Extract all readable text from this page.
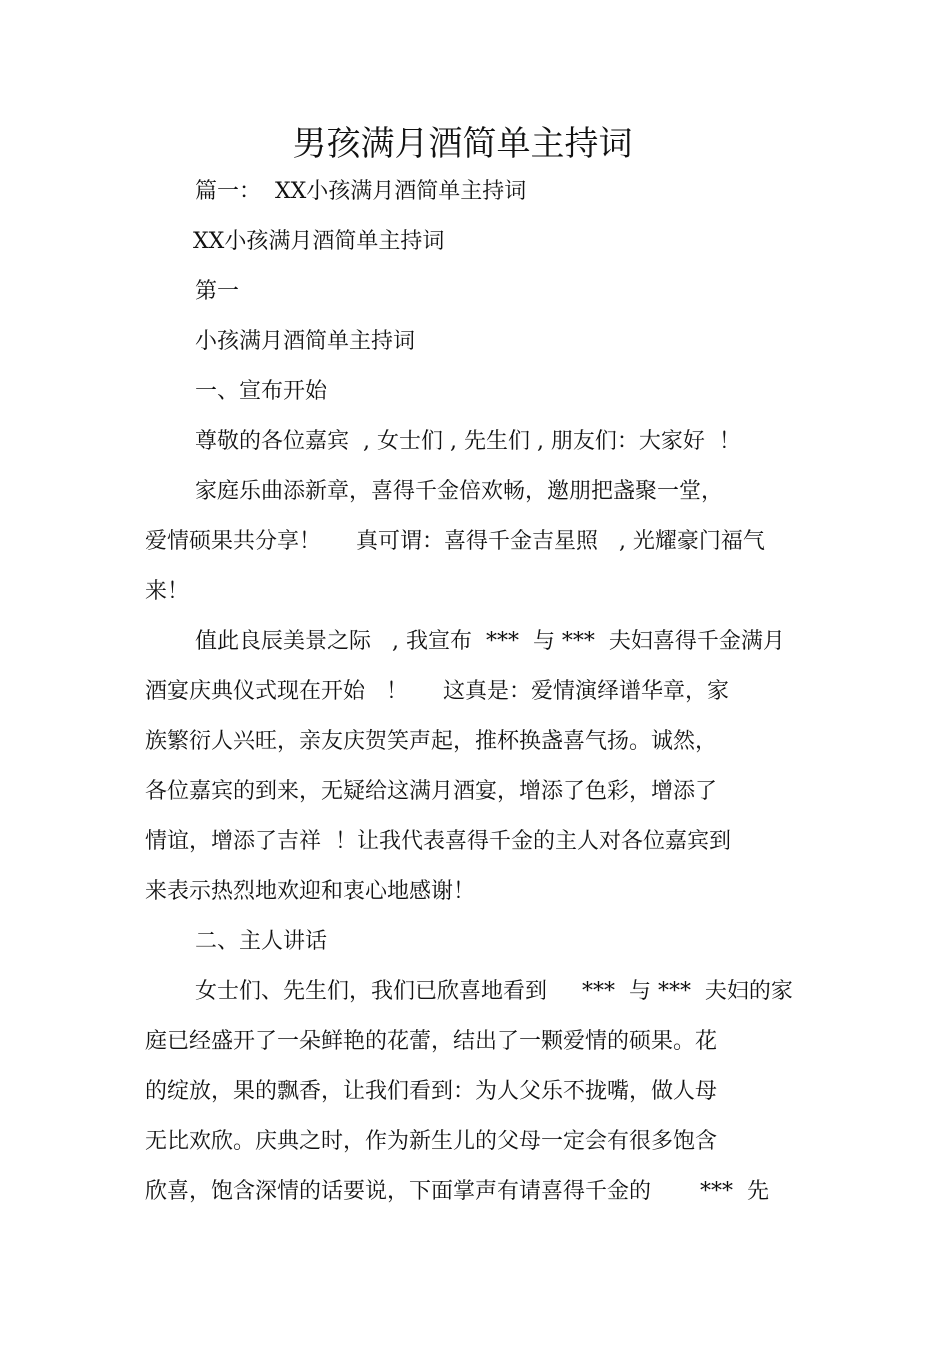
男孩满月酒简单主持词
篇一：  XX小孩满月酒简单主持词
XX小孩满月酒简单主持词
第一
小孩满月酒简单主持词
一、宣布开始
尊敬的各位嘉宾  , 女士们 , 先生们 , 朋友们：大家好  ！
家庭乐曲添新章，喜得千金倍欢畅，邀朋把盏聚一堂，
爱情硕果共分享！     真可谓：喜得千金吉星照   , 光耀豪门福气
来！
值此良辰美景之际   , 我宣布  ***  与 ***  夫妇喜得千金满月
酒宴庆典仪式现在开始   ！     这真是：爱情演绎谱华章，家
族繁衍人兴旺，亲友庆贺笑声起，推杯换盏喜气扬。诚然，
各位嘉宾的到来，无疑给这满月酒宴，增添了色彩，增添了
情谊，增添了吉祥  ！让我代表喜得千金的主人对各位嘉宾到
来表示热烈地欢迎和衷心地感谢！
二、主人讲话
女士们、先生们，我们已欣喜地看到     ***  与 ***  夫妇的家
庭已经盛开了一朵鲜艳的花蕾，结出了一颗爱情的硕果。花
的绽放，果的飘香，让我们看到：为人父乐不拢嘴，做人母
无比欢欣。庆典之时，作为新生儿的父母一定会有很多饱含
欣喜，饱含深情的话要说，下面掌声有请喜得千金的       ***  先
